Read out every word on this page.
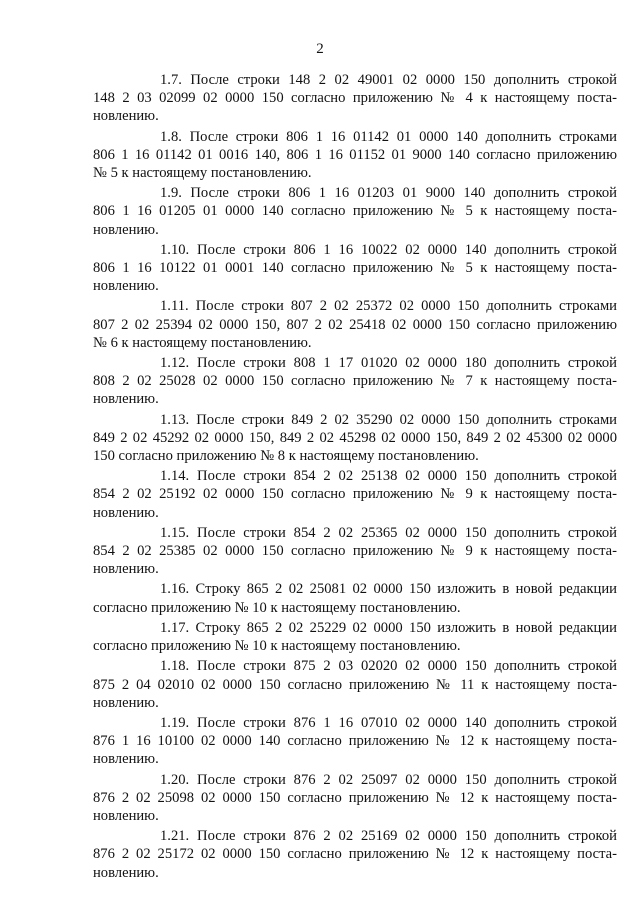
2
1.7. После строки 148 2 02 49001 02 0000 150 дополнить строкой
148 2 03 02099 02 0000 150 согласно приложению № 4 к настоящему поста-
новлению.
1.8. После строки 806 1 16 01142 01 0000 140 дополнить строками
806 1 16 01142 01 0016 140, 806 1 16 01152 01 9000 140 согласно приложению
№ 5 к настоящему постановлению.
1.9. После строки 806 1 16 01203 01 9000 140 дополнить строкой
806 1 16 01205 01 0000 140 согласно приложению № 5 к настоящему поста-
новлению.
1.10. После строки 806 1 16 10022 02 0000 140 дополнить строкой
806 1 16 10122 01 0001 140 согласно приложению № 5 к настоящему поста-
новлению.
1.11. После строки 807 2 02 25372 02 0000 150 дополнить строками
807 2 02 25394 02 0000 150, 807 2 02 25418 02 0000 150 согласно приложению
№ 6 к настоящему постановлению.
1.12. После строки 808 1 17 01020 02 0000 180 дополнить строкой
808 2 02 25028 02 0000 150 согласно приложению № 7 к настоящему поста-
новлению.
1.13. После строки 849 2 02 35290 02 0000 150 дополнить строками
849 2 02 45292 02 0000 150, 849 2 02 45298 02 0000 150, 849 2 02 45300 02 0000
150 согласно приложению № 8 к настоящему постановлению.
1.14. После строки 854 2 02 25138 02 0000 150 дополнить строкой
854 2 02 25192 02 0000 150 согласно приложению № 9 к настоящему поста-
новлению.
1.15. После строки 854 2 02 25365 02 0000 150 дополнить строкой
854 2 02 25385 02 0000 150 согласно приложению № 9 к настоящему поста-
новлению.
1.16. Строку 865 2 02 25081 02 0000 150 изложить в новой редакции
согласно приложению № 10 к настоящему постановлению.
1.17. Строку 865 2 02 25229 02 0000 150 изложить в новой редакции
согласно приложению № 10 к настоящему постановлению.
1.18. После строки 875 2 03 02020 02 0000 150 дополнить строкой
875 2 04 02010 02 0000 150 согласно приложению № 11 к настоящему поста-
новлению.
1.19. После строки 876 1 16 07010 02 0000 140 дополнить строкой
876 1 16 10100 02 0000 140 согласно приложению № 12 к настоящему поста-
новлению.
1.20. После строки 876 2 02 25097 02 0000 150 дополнить строкой
876 2 02 25098 02 0000 150 согласно приложению № 12 к настоящему поста-
новлению.
1.21. После строки 876 2 02 25169 02 0000 150 дополнить строкой
876 2 02 25172 02 0000 150 согласно приложению № 12 к настоящему поста-
новлению.
